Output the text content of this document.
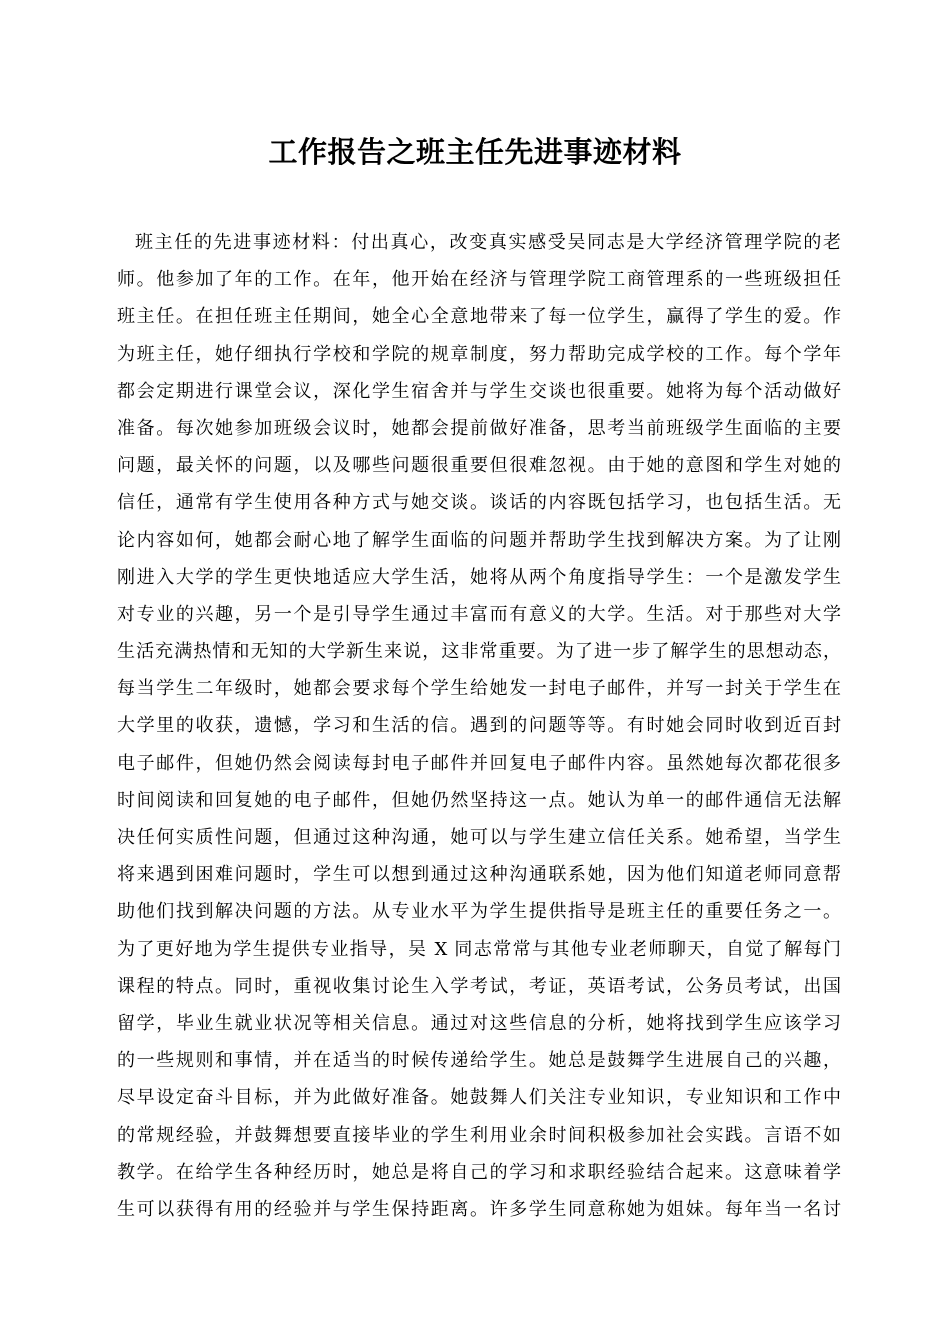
工作报告之班主任先进事迹材料
班主任的先进事迹材料：付出真心，改变真实感受吴同志是大学经济管理学院的老
师。他参加了年的工作。在年，他开始在经济与管理学院工商管理系的一些班级担任
班主任。在担任班主任期间，她全心全意地带来了每一位学生，赢得了学生的爱。作
为班主任，她仔细执行学校和学院的规章制度，努力帮助完成学校的工作。每个学年
都会定期进行课堂会议，深化学生宿舍并与学生交谈也很重要。她将为每个活动做好
准备。每次她参加班级会议时，她都会提前做好准备，思考当前班级学生面临的主要
问题，最关怀的问题，以及哪些问题很重要但很难忽视。由于她的意图和学生对她的
信任，通常有学生使用各种方式与她交谈。谈话的内容既包括学习，也包括生活。无
论内容如何，她都会耐心地了解学生面临的问题并帮助学生找到解决方案。为了让刚
刚进入大学的学生更快地适应大学生活，她将从两个角度指导学生：一个是激发学生
对专业的兴趣，另一个是引导学生通过丰富而有意义的大学。生活。对于那些对大学
生活充满热情和无知的大学新生来说，这非常重要。为了进一步了解学生的思想动态，
每当学生二年级时，她都会要求每个学生给她发一封电子邮件，并写一封关于学生在
大学里的收获，遗憾，学习和生活的信。遇到的问题等等。有时她会同时收到近百封
电子邮件，但她仍然会阅读每封电子邮件并回复电子邮件内容。虽然她每次都花很多
时间阅读和回复她的电子邮件，但她仍然坚持这一点。她认为单一的邮件通信无法解
决任何实质性问题，但通过这种沟通，她可以与学生建立信任关系。她希望，当学生
将来遇到困难问题时，学生可以想到通过这种沟通联系她，因为他们知道老师同意帮
助他们找到解决问题的方法。从专业水平为学生提供指导是班主任的重要任务之一。
为了更好地为学生提供专业指导，吴 X 同志常常与其他专业老师聊天，自觉了解每门
课程的特点。同时，重视收集讨论生入学考试，考证，英语考试，公务员考试，出国
留学，毕业生就业状况等相关信息。通过对这些信息的分析，她将找到学生应该学习
的一些规则和事情，并在适当的时候传递给学生。她总是鼓舞学生进展自己的兴趣，
尽早设定奋斗目标，并为此做好准备。她鼓舞人们关注专业知识，专业知识和工作中
的常规经验，并鼓舞想要直接毕业的学生利用业余时间积极参加社会实践。言语不如
教学。在给学生各种经历时，她总是将自己的学习和求职经验结合起来。这意味着学
生可以获得有用的经验并与学生保持距离。许多学生同意称她为姐妹。每年当一名讨
